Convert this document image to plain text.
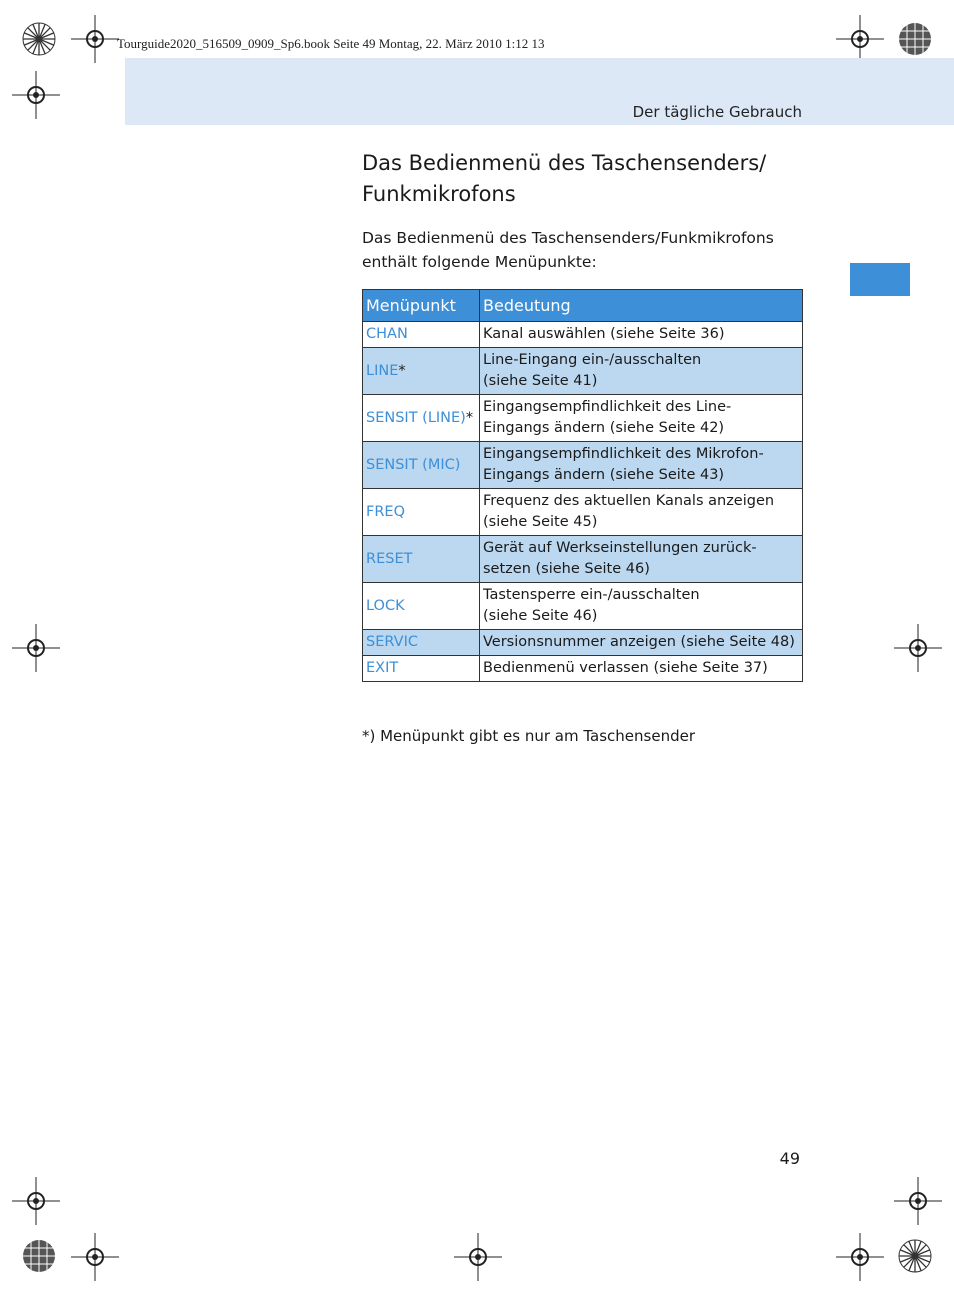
Tourguide2020_516509_0909_Sp6.book Seite 49 Montag, 22. März 2010 1:12 13
Der tägliche Gebrauch
Das Bedienmenü des Taschensenders/ Funkmikrofons

Das Bedienmenü des Taschensenders/Funkmikrofons enthält folgende Menüpunkte:

Menüpunkt	Bedeutung
CHAN	Kanal auswählen (siehe Seite 36)
LINE*	Line-Eingang ein-/ausschalten
(siehe Seite 41)
SENSIT (LINE)*	Eingangsempfindlichkeit des Line-
Eingangs ändern (siehe Seite 42)
SENSIT (MIC)	Eingangsempfindlichkeit des Mikrofon-
Eingangs ändern (siehe Seite 43)
FREQ	Frequenz des aktuellen Kanals anzeigen
(siehe Seite 45)
RESET	Gerät auf Werkseinstellungen zurück-
setzen (siehe Seite 46)
LOCK	Tastensperre ein-/ausschalten
(siehe Seite 46)
SERVIC	Versionsnummer anzeigen (siehe Seite 48)
EXIT	Bedienmenü verlassen (siehe Seite 37)

*) Menüpunkt gibt es nur am Taschensender

49
